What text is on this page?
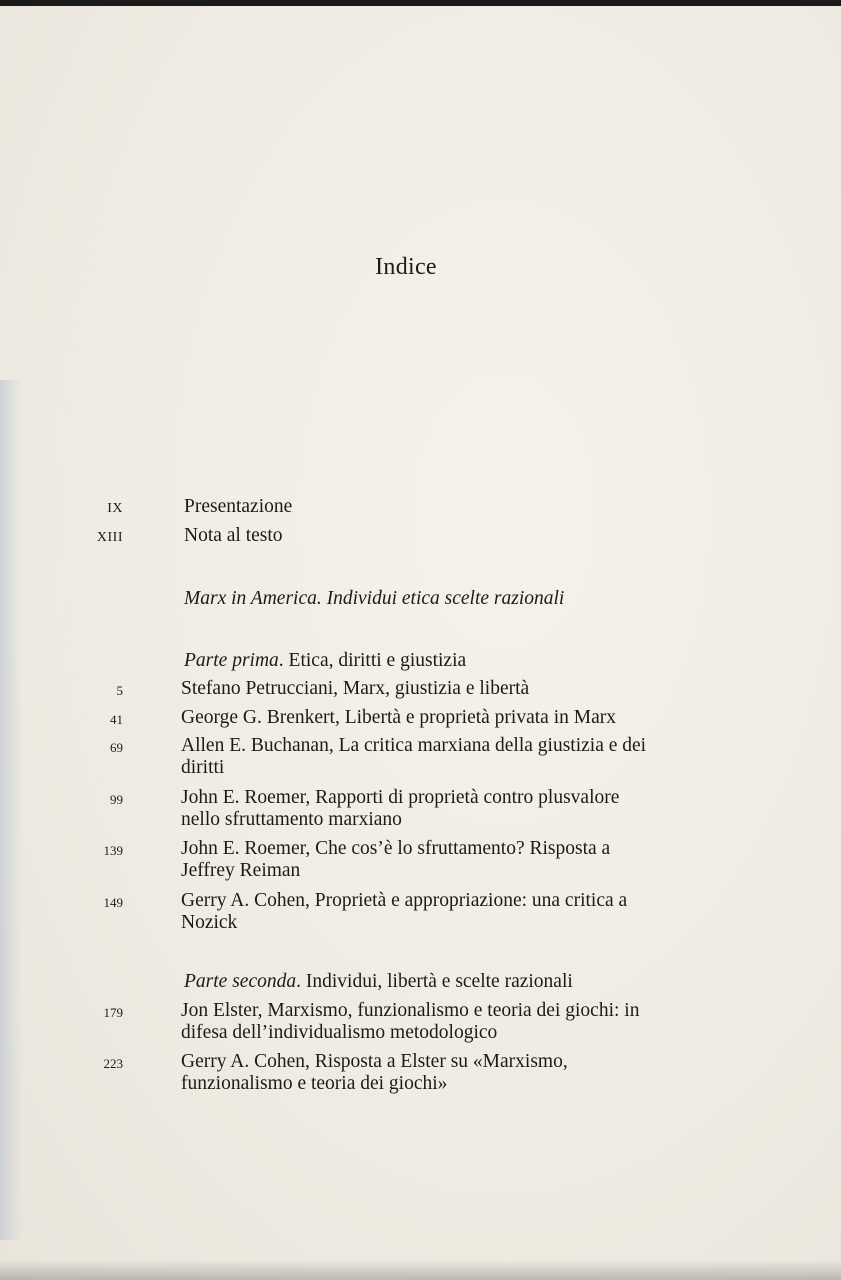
Indice
IX	Presentazione
XIII	Nota al testo
Marx in America. Individui etica scelte razionali
Parte prima. Etica, diritti e giustizia
5	Stefano Petrucciani, Marx, giustizia e libertà
41	George G. Brenkert, Libertà e proprietà privata in Marx
69	Allen E. Buchanan, La critica marxiana della giustizia e dei
diritti
99	John E. Roemer, Rapporti di proprietà contro plusvalore
nello sfruttamento marxiano
139	John E. Roemer, Che cos’è lo sfruttamento? Risposta a
Jeffrey Reiman
149	Gerry A. Cohen, Proprietà e appropriazione: una critica a
Nozick
Parte seconda. Individui, libertà e scelte razionali
179	Jon Elster, Marxismo, funzionalismo e teoria dei giochi: in
difesa dell’individualismo metodologico
223	Gerry A. Cohen, Risposta a Elster su «Marxismo,
funzionalismo e teoria dei giochi»
